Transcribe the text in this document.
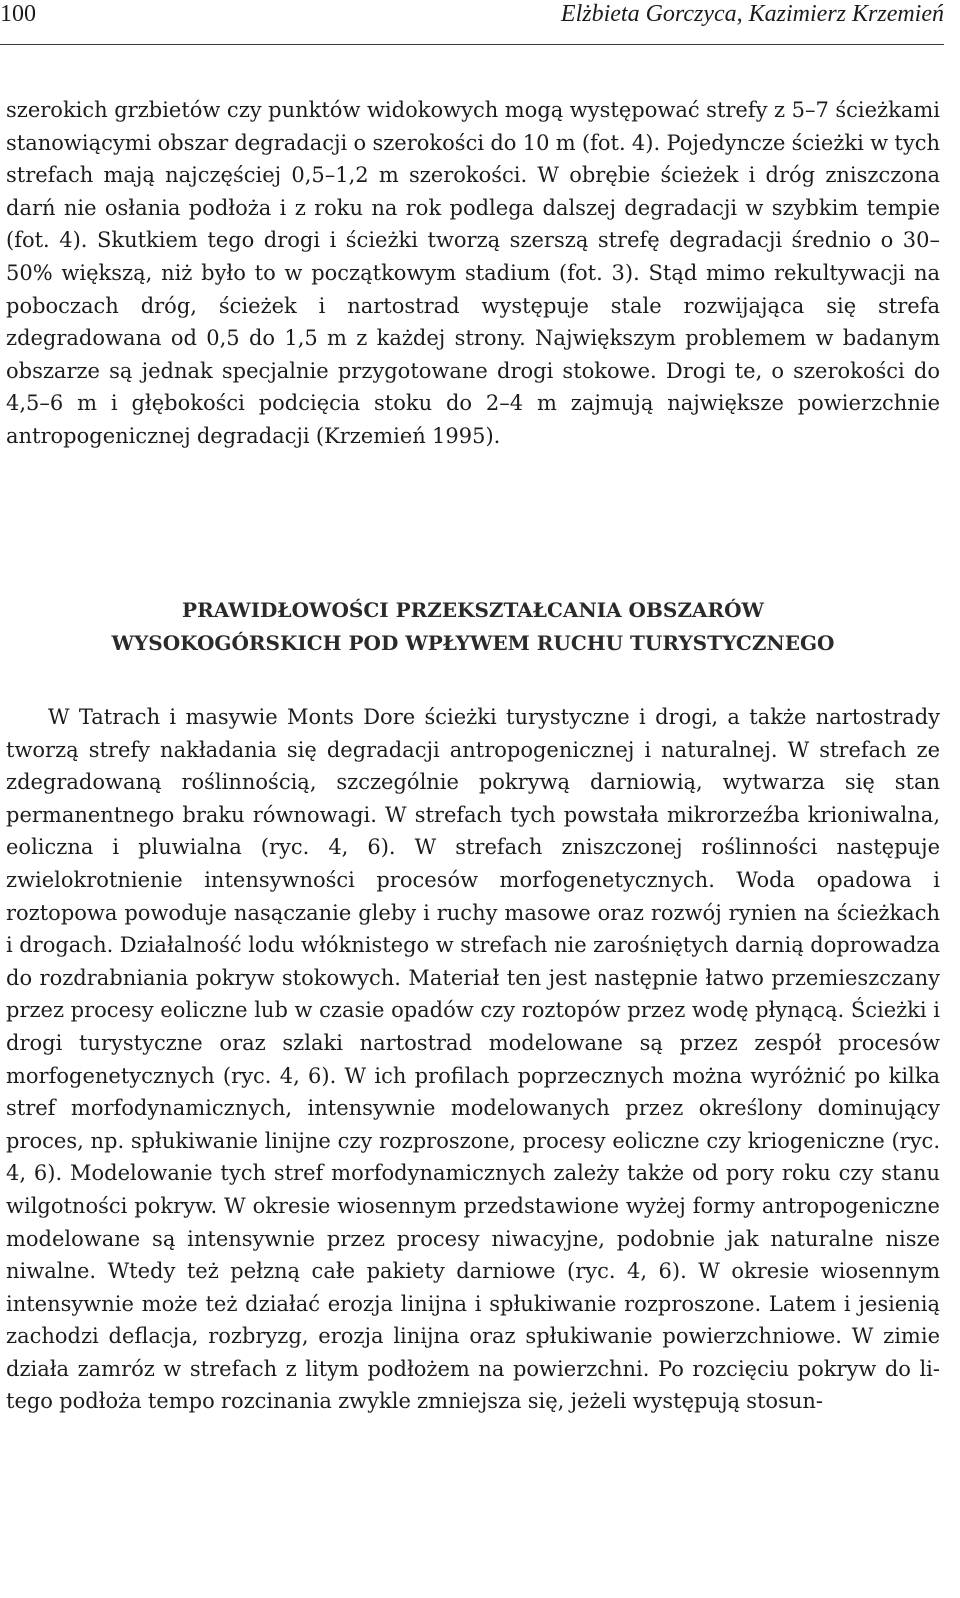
100	Elżbieta Gorczyca, Kazimierz Krzemień

szerokich grzbietów czy punktów widokowych mogą występować strefy z 5–7 ścieżkami stanowiącymi obszar degradacji o szerokości do 10 m (fot. 4). Pojedyncze ścieżki w tych strefach mają najczęściej 0,5–1,2 m szerokości. W obrębie ścieżek i dróg zniszczona darń nie osłania podłoża i z roku na rok podlega dalszej degradacji w szybkim tempie (fot. 4). Skutkiem tego drogi i ścieżki tworzą szerszą strefę degradacji średnio o 30–50% większą, niż było to w początkowym stadium (fot. 3). Stąd mimo rekultywacji na poboczach dróg, ścieżek i nartostrad występuje stale rozwijająca się strefa zdegradowana od 0,5 do 1,5 m z każdej strony. Największym problemem w badanym obszarze są jednak specjalnie przygotowane drogi stokowe. Drogi te, o szerokości do 4,5–6 m i głębokości podcięcia stoku do 2–4 m zajmują największe powierzchnie antropogenicznej degradacji (Krzemień 1995).

PRAWIDŁOWOŚCI PRZEKSZTAŁCANIA OBSZARÓW
WYSOKOGÓRSKICH POD WPŁYWEM RUCHU TURYSTYCZNEGO

W Tatrach i masywie Monts Dore ścieżki turystyczne i drogi, a także nartostrady tworzą strefy nakładania się degradacji antropogenicznej i naturalnej. W strefach ze zdegradowaną roślinnością, szczególnie pokrywą darniowią, wytwarza się stan permanentnego braku równowagi. W strefach tych powstała mikrorzeźba krioniwalna, eoliczna i pluwialna (ryc. 4, 6). W strefach zniszczonej roślinności następuje zwielokrotnienie intensywności procesów morfogenetycznych. Woda opadowa i roztopowa powoduje nasączanie gleby i ruchy masowe oraz rozwój rynien na ścieżkach i drogach. Działalność lodu włóknistego w strefach nie zarośniętych darnią doprowadza do rozdrabniania pokryw stokowych. Materiał ten jest następnie łatwo przemieszczany przez procesy eoliczne lub w czasie opadów czy roztopów przez wodę płynącą. Ścieżki i drogi turystyczne oraz szlaki nartostrad modelowane są przez zespół procesów morfogenetycznych (ryc. 4, 6). W ich profilach poprzecznych można wyróżnić po kilka stref morfodynamicznych, intensywnie modelowanych przez określony dominujący proces, np. spłukiwanie linijne czy rozproszone, procesy eoliczne czy kriogeniczne (ryc. 4, 6). Modelowanie tych stref morfodynamicznych zależy także od pory roku czy stanu wilgotności pokryw. W okresie wiosennym przedstawione wyżej formy antropogeniczne modelowane są intensywnie przez procesy niwacyjne, podobnie jak naturalne nisze niwalne. Wtedy też pełzną całe pakiety darniowe (ryc. 4, 6). W okresie wiosennym intensywnie może też działać erozja linijna i spłukiwanie rozproszone. Latem i jesienią zachodzi deflacja, rozbryzg, erozja linijna oraz spłukiwanie powierzchniowe. W zimie działa zamróz w strefach z litym podłożem na powierzchni. Po rozcięciu pokryw do litego podłoża tempo rozcinania zwykle zmniejsza się, jeżeli występują stosun-
